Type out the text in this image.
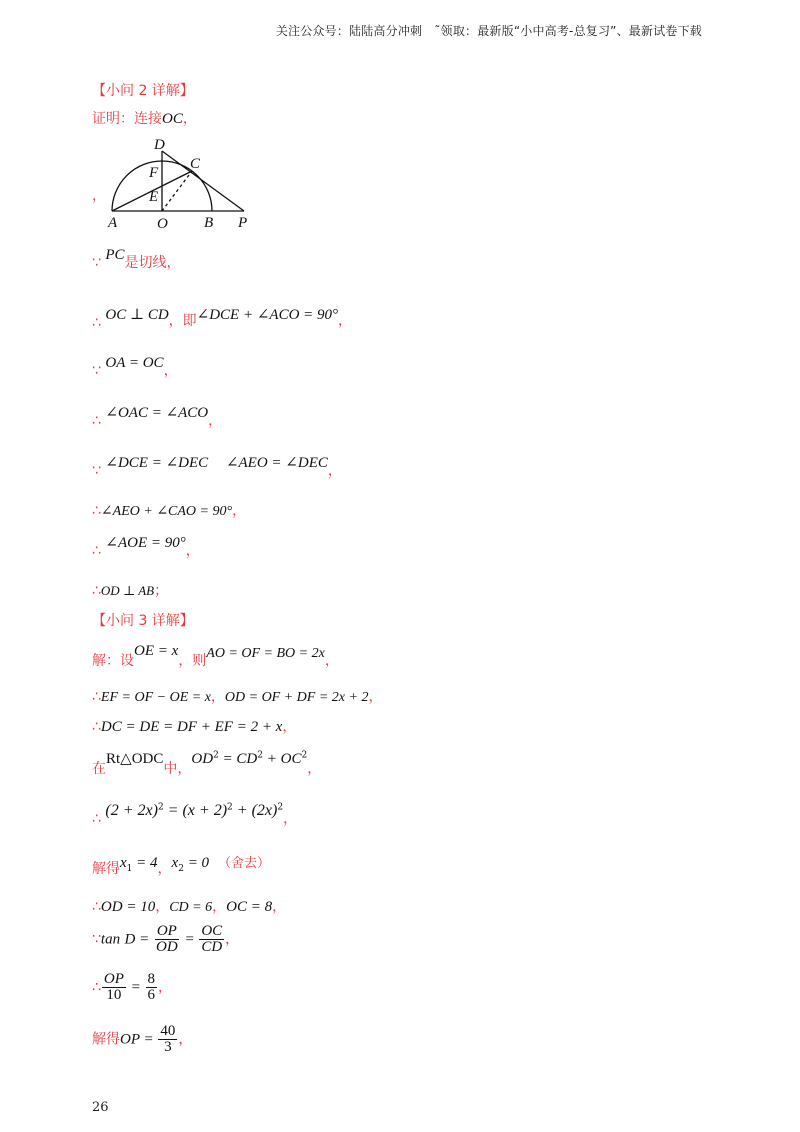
关注公众号：陆陆高分冲刺　˜领取：最新版“小中高考-总复习”、最新试卷下载
【小问 2 详解】
证明：连接OC，
，
D
C
F
E
A	O B P
∵ PC是切线，
∴ OC ⊥ CD，即∠DCE + ∠ACO = 90°，
∵ OA = OC，
∴ ∠OAC = ∠ACO，
∵ ∠DCE = ∠DEC ∠AEO = ∠DEC，
∴∠AEO + ∠CAO = 90°，
∴ ∠AOE = 90°，
∴OD ⊥ AB；
【小问 3 详解】
解：设OE = x，则AO = OF = BO = 2x，
∴EF = OF − OE = x，OD = OF + DF = 2x + 2，
∴DC = DE = DF + EF = 2 + x，
在Rt△ODC中，$OD^2 = CD^2 + OC^2$，
∴ $(2 + 2x)^2 = (x + 2)^2 + (2x)^2$，
解得$x_1 = 4$，$x_2 = 0$ （舍去）
∴OD = 10，CD = 6，OC = 8，
∵tan $D = \frac{OP}{OD} = \frac{OC}{CD}$ ，
∴ $\frac{OP}{10} = \frac{8}{6}$ ，
解得OP = $\frac{40}{3}$ ，
26
